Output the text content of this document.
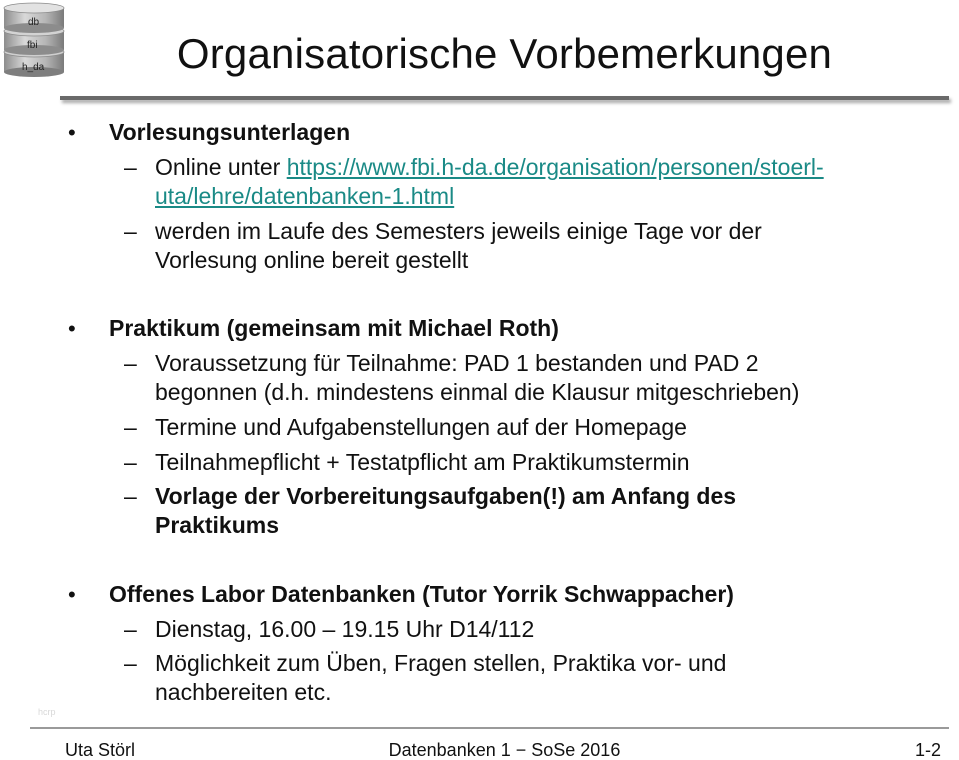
h_da
fbi
db
Organisatorische Vorbemerkungen
• Vorlesungsunterlagen
– Online unter https://www.fbi.h-da.de/organisation/personen/stoerl-
uta/lehre/datenbanken-1.html
– werden im Laufe des Semesters jeweils einige Tage vor der
Vorlesung online bereit gestellt
• Praktikum (gemeinsam mit Michael Roth)
– Voraussetzung für Teilnahme: PAD 1 bestanden und PAD 2
begonnen (d.h. mindestens einmal die Klausur mitgeschrieben)
– Termine und Aufgabenstellungen auf der Homepage
– Teilnahmepflicht + Testatpflicht am Praktikumstermin
– Vorlage der Vorbereitungsaufgaben(!) am Anfang des
Praktikums
• Offenes Labor Datenbanken (Tutor Yorrik Schwappacher)
– Dienstag, 16.00 – 19.15 Uhr D14/112
– Möglichkeit zum Üben, Fragen stellen, Praktika vor- und
nachbereiten etc.
hcrp
Uta Störl	Datenbanken 1 − SoSe 2016	1-2
